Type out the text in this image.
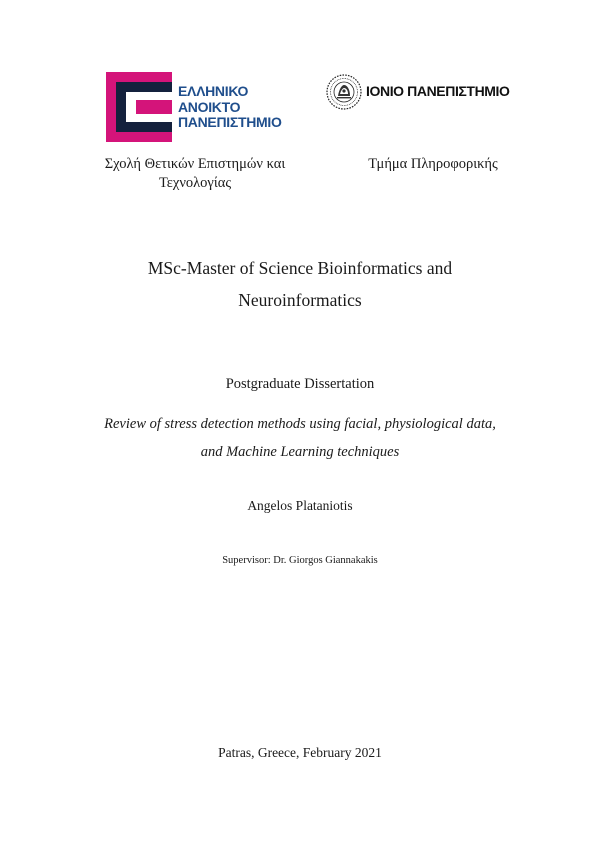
ΕΛΛΗΝΙΚΟ
ΑΝΟΙΚΤΟ
ΠΑΝΕΠΙΣΤΗΜΙΟ
ΙΟΝΙΟ ΠΑΝΕΠΙΣΤΗΜΙΟ
Σχολή Θετικών Επιστημών και
Τεχνολογίας
Τμήμα Πληροφορικής
MSc-Master of Science Bioinformatics and
Neuroinformatics
Postgraduate Dissertation
Review of stress detection methods using facial, physiological data,
and Machine Learning techniques
Angelos Plataniotis
Supervisor: Dr. Giorgos Giannakakis
Patras, Greece, February 2021
